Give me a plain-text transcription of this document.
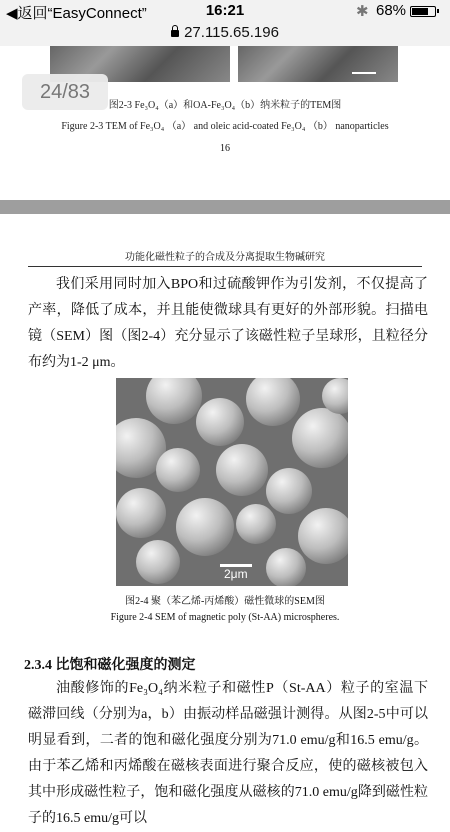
◀返回“EasyConnect”	16:21	✱ 68%
27.115.65.196
24/83
图2-3 Fe₃O₄（a）和OA-Fe₃O₄（b）纳米粒子的TEM图
Figure 2-3 TEM of Fe₃O₄ （a） and oleic acid-coated Fe₃O₄ （b） nanoparticles
16
功能化磁性粒子的合成及分离提取生物碱研究
我们采用同时加入BPO和过硫酸钾作为引发剂，不仅提高了产率，降低了成本，并且能使微球具有更好的外部形貌。扫描电镜（SEM）图（图2-4）充分显示了该磁性粒子呈球形，且粒径分布约为1-2 μm。
2μm
图2-4 聚（苯乙烯-丙烯酸）磁性微球的SEM图
Figure 2-4 SEM of magnetic poly (St-AA) microspheres.
2.3.4 比饱和磁化强度的测定
油酸修饰的Fe₃O₄纳米粒子和磁性P（St-AA）粒子的室温下磁滞回线（分别为a，b）由振动样品磁强计测得。从图2-5中可以明显看到，二者的饱和磁化强度分别为71.0 emu/g和16.5 emu/g。由于苯乙烯和丙烯酸在磁核表面进行聚合反应，使的磁核被包入其中形成磁性粒子，饱和磁化强度从磁核的71.0 emu/g降到磁性粒子的16.5 emu/g可以
